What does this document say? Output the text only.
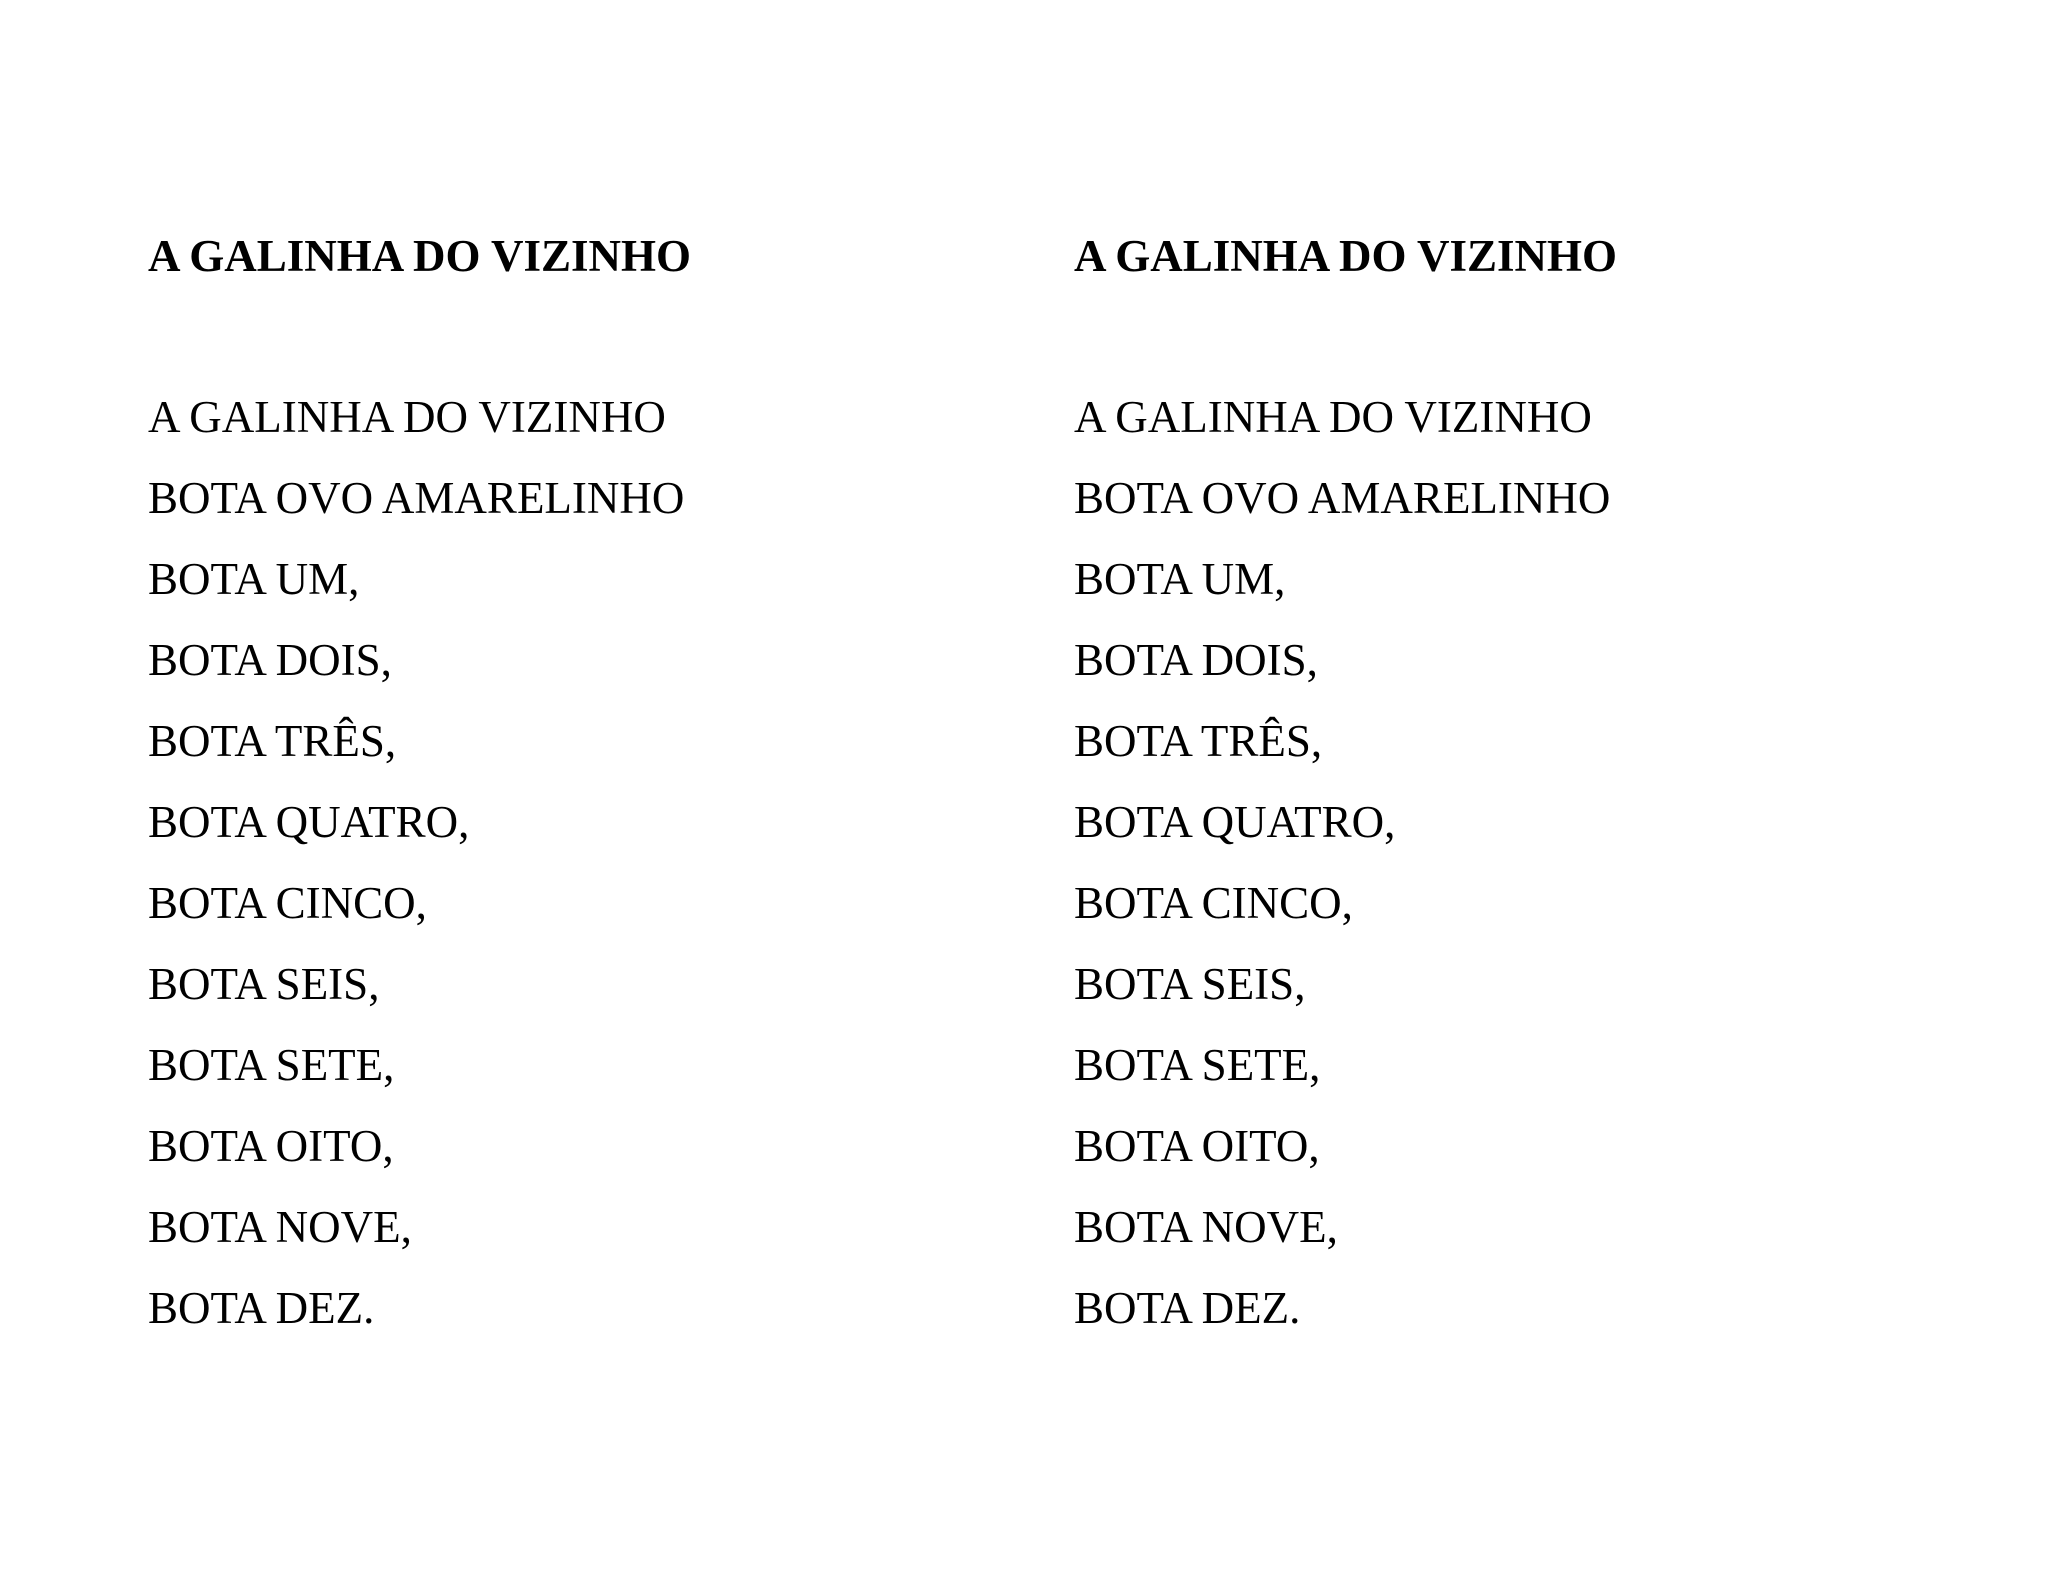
A GALINHA DO VIZINHO
A GALINHA DO VIZINHO
BOTA OVO AMARELINHO
BOTA UM,
BOTA DOIS,
BOTA TRÊS,
BOTA QUATRO,
BOTA CINCO,
BOTA SEIS,
BOTA SETE,
BOTA OITO,
BOTA NOVE,
BOTA DEZ.
A GALINHA DO VIZINHO
A GALINHA DO VIZINHO
BOTA OVO AMARELINHO
BOTA UM,
BOTA DOIS,
BOTA TRÊS,
BOTA QUATRO,
BOTA CINCO,
BOTA SEIS,
BOTA SETE,
BOTA OITO,
BOTA NOVE,
BOTA DEZ.
